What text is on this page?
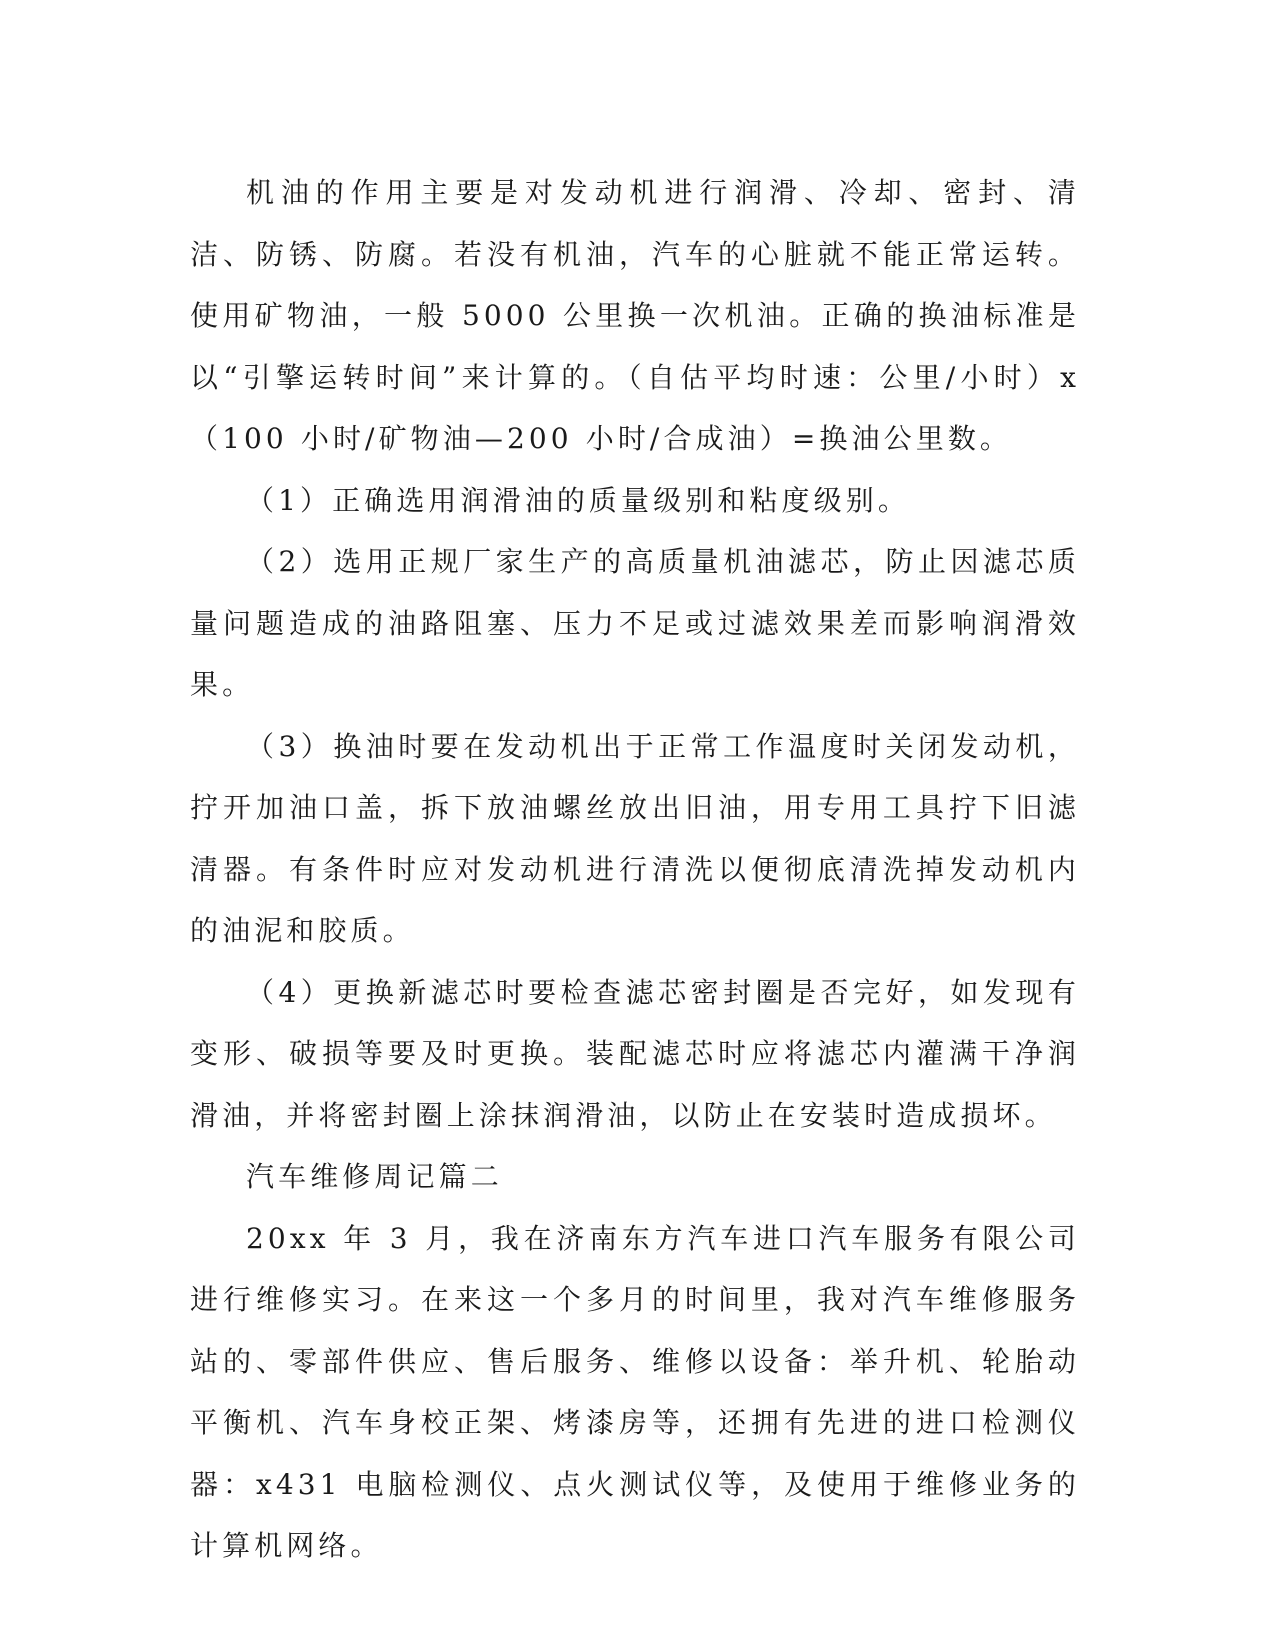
机油的作用主要是对发动机进行润滑、冷却、密封、清洁、防锈、防腐。若没有机油，汽车的心脏就不能正常运转。使用矿物油，一般 5000 公里换一次机油。正确的换油标准是以“引擎运转时间”来计算的。（自估平均时速：公里/小时）x（100 小时/矿物油—200 小时/合成油）=换油公里数。

（1）正确选用润滑油的质量级别和粘度级别。

（2）选用正规厂家生产的高质量机油滤芯，防止因滤芯质量问题造成的油路阻塞、压力不足或过滤效果差而影响润滑效果。

（3）换油时要在发动机出于正常工作温度时关闭发动机，拧开加油口盖，拆下放油螺丝放出旧油，用专用工具拧下旧滤清器。有条件时应对发动机进行清洗以便彻底清洗掉发动机内的油泥和胶质。

（4）更换新滤芯时要检查滤芯密封圈是否完好，如发现有变形、破损等要及时更换。装配滤芯时应将滤芯内灌满干净润滑油，并将密封圈上涂抹润滑油，以防止在安装时造成损坏。

汽车维修周记篇二

20xx 年 3 月，我在济南东方汽车进口汽车服务有限公司进行维修实习。在来这一个多月的时间里，我对汽车维修服务站的、零部件供应、售后服务、维修以设备：举升机、轮胎动平衡机、汽车身校正架、烤漆房等，还拥有先进的进口检测仪器：x431 电脑检测仪、点火测试仪等，及使用于维修业务的计算机网络。
